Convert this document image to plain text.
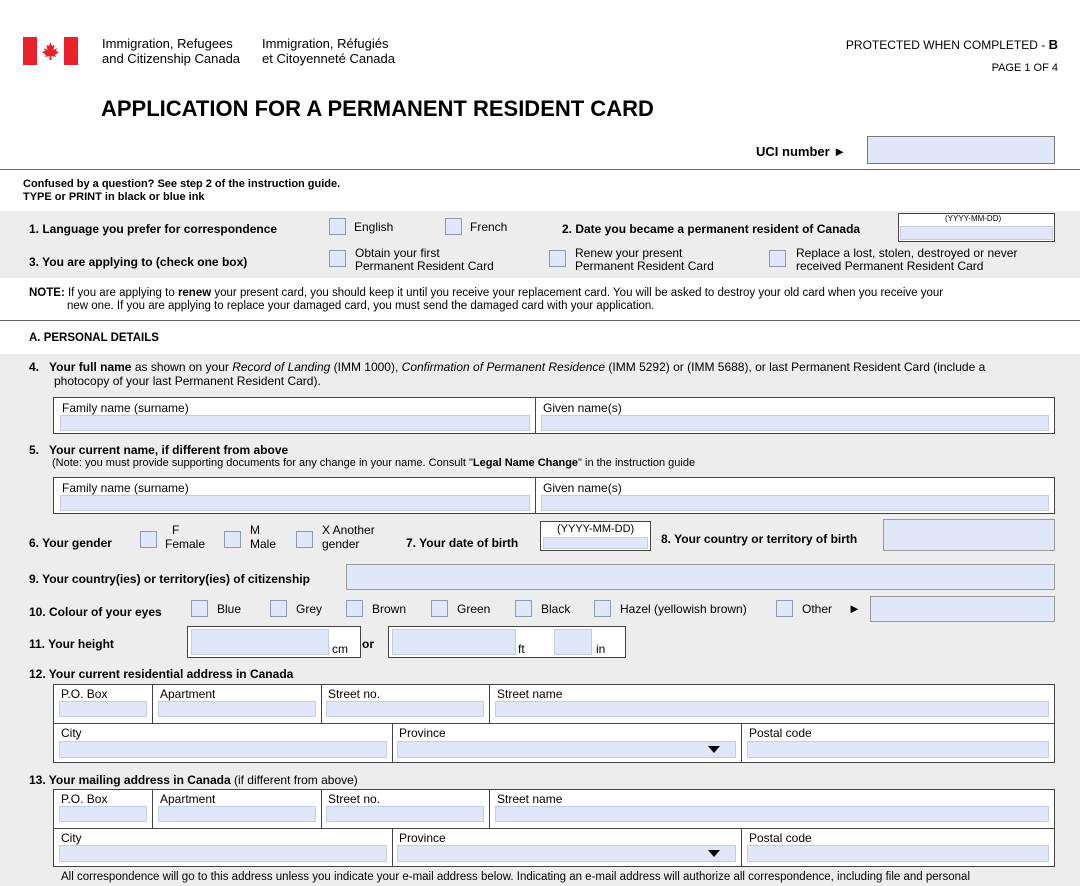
Immigration, Refugees
and Citizenship Canada
Immigration, Réfugiés
et Citoyenneté Canada
PROTECTED WHEN COMPLETED - B
PAGE 1 OF 4
APPLICATION FOR A PERMANENT RESIDENT CARD
UCI number ►
Confused by a question? See step 2 of the instruction guide.
TYPE or PRINT in black or blue ink
1. Language you prefer for correspondence	English	French	2. Date you became a permanent resident of Canada
(YYYY-MM-DD)
3. You are applying to (check one box)
Obtain your first
Permanent Resident Card
Renew your present
Permanent Resident Card
Replace a lost, stolen, destroyed or never
received Permanent Resident Card
NOTE: If you are applying to renew your present card, you should keep it until you receive your replacement card. You will be asked to destroy your old card when you receive your
new one. If you are applying to replace your damaged card, you must send the damaged card with your application.
A. PERSONAL DETAILS
4. Your full name as shown on your Record of Landing (IMM 1000), Confirmation of Permanent Residence (IMM 5292) or (IMM 5688), or last Permanent Resident Card (include a
photocopy of your last Permanent Resident Card).
Family name (surname)	Given name(s)
5. Your current name, if different from above
(Note: you must provide supporting documents for any change in your name. Consult "Legal Name Change" in the instruction guide
Family name (surname)	Given name(s)
6. Your gender
F
Female
M
Male
X Another
gender	7. Your date of birth
(YYYY-MM-DD)
8. Your country or territory of birth
9. Your country(ies) or territory(ies) of citizenship
10. Colour of your eyes	Blue	Grey	Brown	Green	Black	Hazel (yellowish brown)	Other ►
11. Your height	cm or	ft	in
12. Your current residential address in Canada
P.O. Box	Apartment	Street no.	Street name
City	Province	Postal code
13. Your mailing address in Canada (if different from above)
P.O. Box	Apartment	Street no.	Street name
City	Province	Postal code
All correspondence will go to this address unless you indicate your e-mail address below. Indicating an e-mail address will authorize all correspondence, including file and personal
